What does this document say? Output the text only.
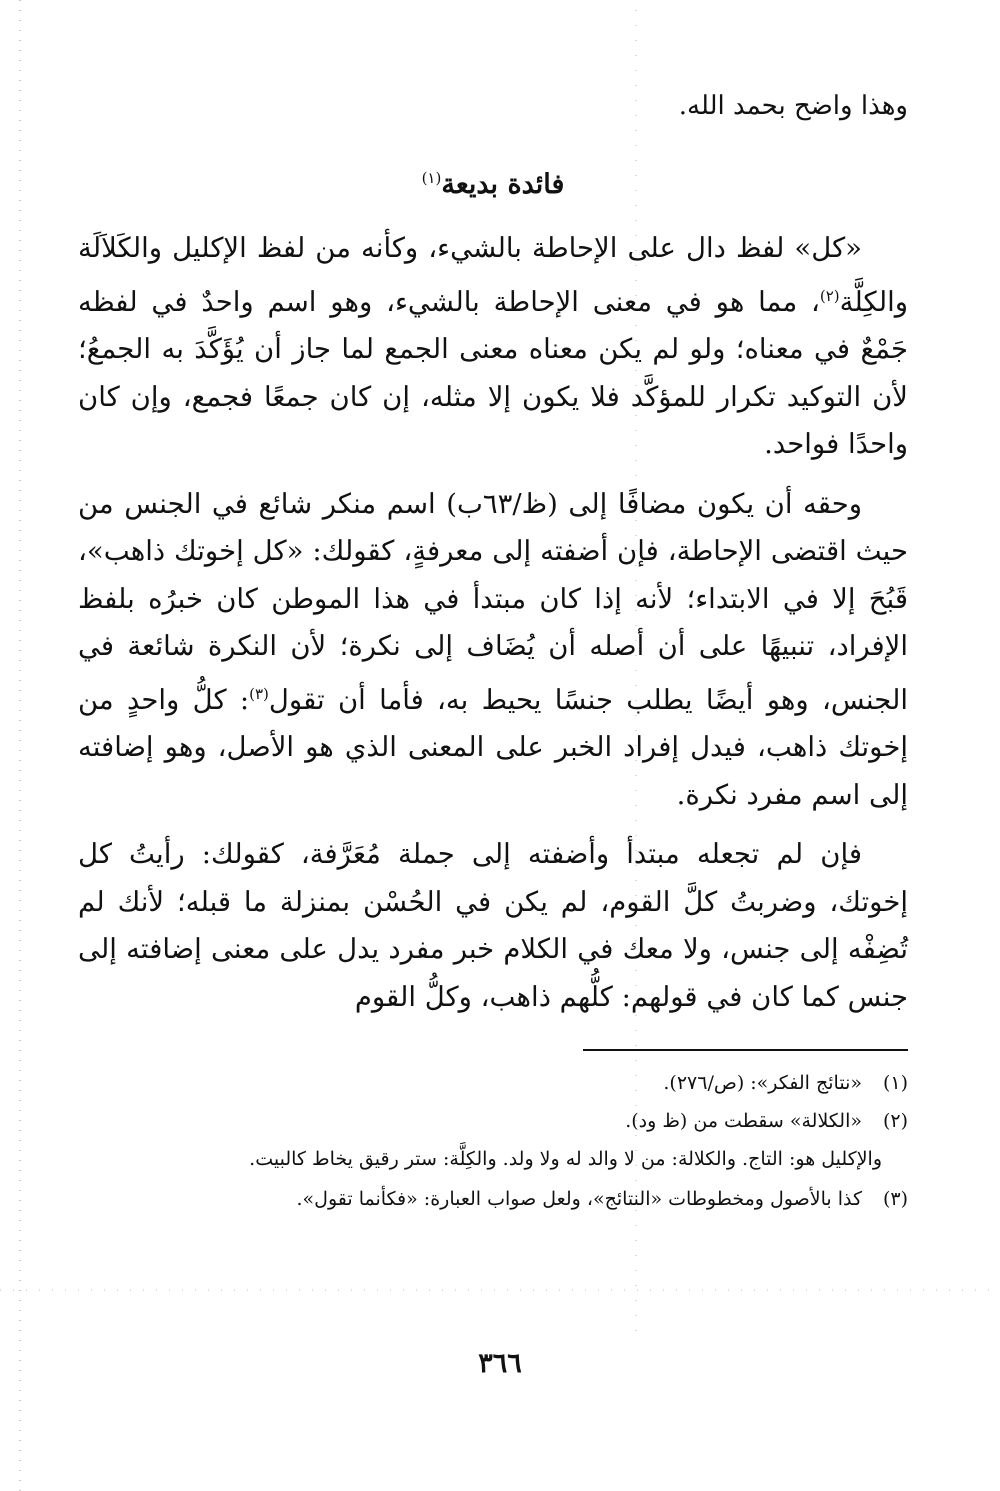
وهذا واضح بحمد الله.

فائدة بديعة$^{(١)}$

«كل» لفظ دال على الإحاطة بالشيء، وكأنه من لفظ الإكليل والكَلاَلَة والكِلَّة$^{(٢)}$، مما هو في معنى الإحاطة بالشيء، وهو اسم واحدٌ في لفظه جَمْعٌ في معناه؛ ولو لم يكن معناه معنى الجمع لما جاز أن يُؤَكَّدَ به الجمعُ؛ لأن التوكيد تكرار للمؤكَّد فلا يكون إلا مثله، إن كان جمعًا فجمع، وإن كان واحدًا فواحد.

وحقه أن يكون مضافًا إلى (ظ/٦٣ب) اسم منكر شائع في الجنس من حيث اقتضى الإحاطة، فإن أضفته إلى معرفةٍ، كقولك: «كل إخوتك ذاهب»، قَبُحَ إلا في الابتداء؛ لأنه إذا كان مبتدأ في هذا الموطن كان خبرُه بلفظ الإفراد، تنبيهًا على أن أصله أن يُضَاف إلى نكرة؛ لأن النكرة شائعة في الجنس، وهو أيضًا يطلب جنسًا يحيط به، فأما أن تقول$^{(٣)}$: كلُّ واحدٍ من إخوتك ذاهب، فيدل إفراد الخبر على المعنى الذي هو الأصل، وهو إضافته إلى اسم مفرد نكرة.

فإن لم تجعله مبتدأ وأضفته إلى جملة مُعَرَّفة، كقولك: رأيتُ كل إخوتك، وضربتُ كلَّ القوم، لم يكن في الحُسْن بمنزلة ما قبله؛ لأنك لم تُضِفْه إلى جنس، ولا معك في الكلام خبر مفرد يدل على معنى إضافته إلى جنس كما كان في قولهم: كلُّهم ذاهب، وكلُّ القوم

(١)«نتائج الفكر»: (ص/٢٧٦).

(٢)«الكلالة» سقطت من (ظ ود).

والإكليل هو: التاج. والكلالة: من لا والد له ولا ولد. والكِلَّة: ستر رقيق يخاط كالبيت.

(٣)كذا بالأصول ومخطوطات «النتائج»، ولعل صواب العبارة: «فكأنما تقول».

٣٦٦
